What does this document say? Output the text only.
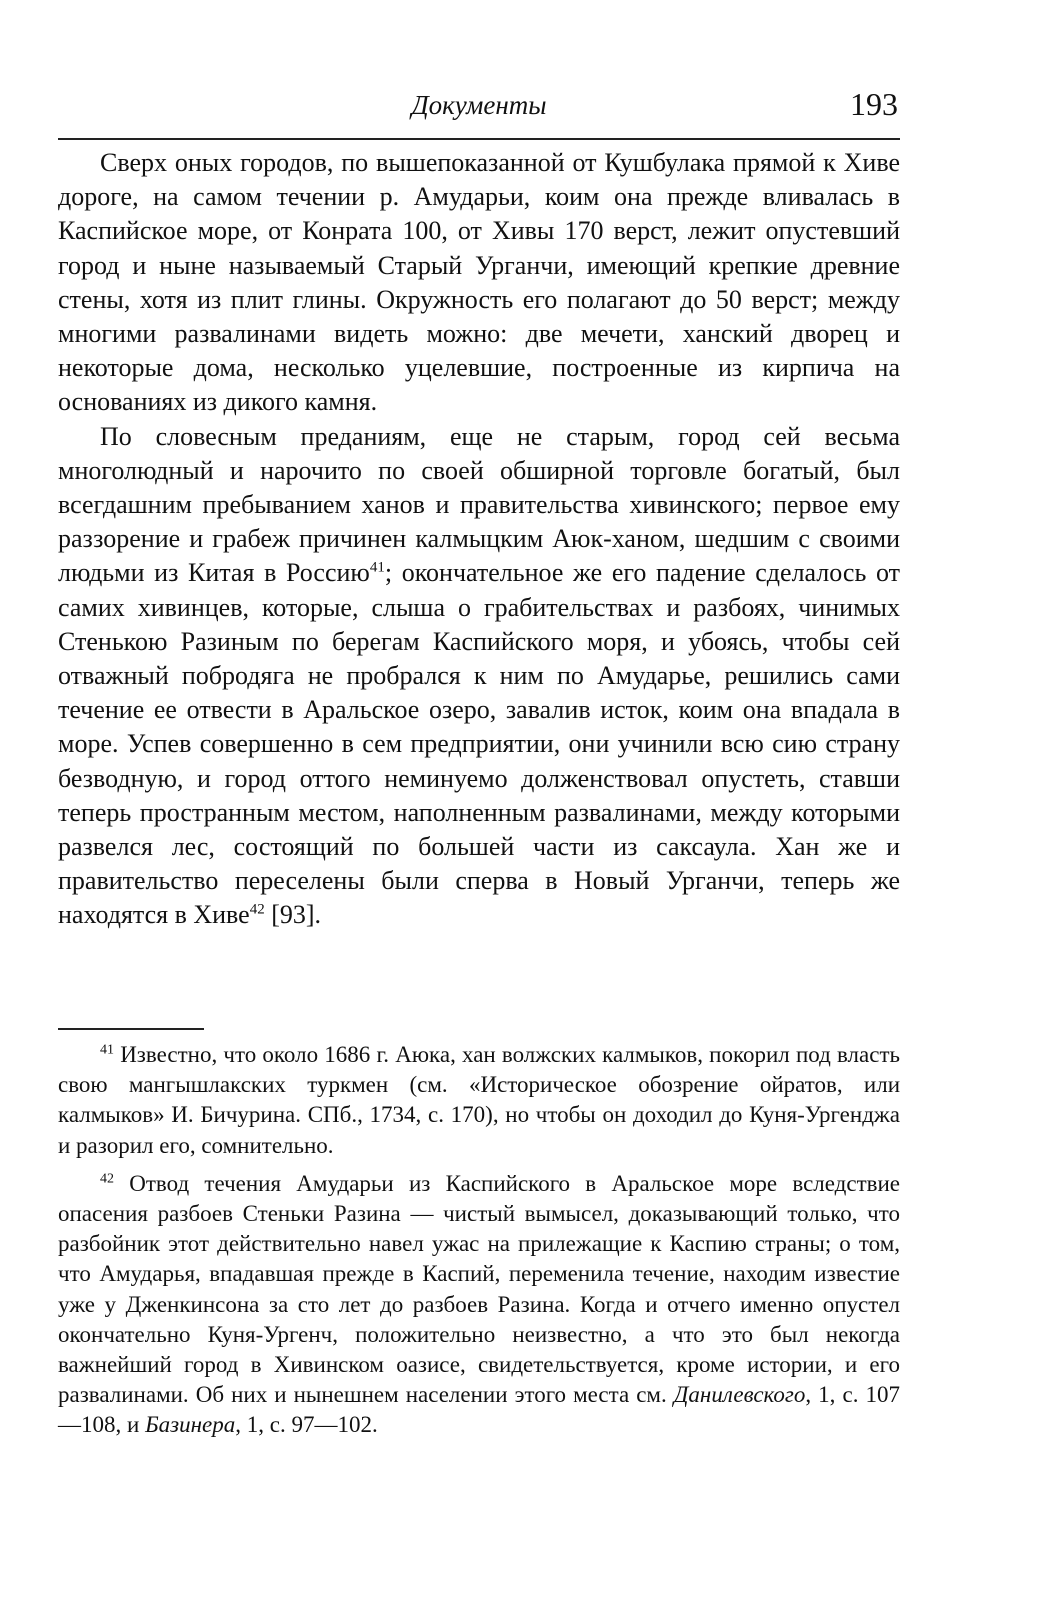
Документы	193

Сверх оных городов, по вышепоказанной от Кушбулака прямой к Хиве дороге, на самом течении р. Амударьи, коим она прежде вливалась в Каспийское море, от Конрата 100, от Хивы 170 верст, лежит опустевший город и ныне называемый Старый Урганчи, имеющий крепкие древние стены, хотя из плит глины. Окружность его полагают до 50 верст; между многими развалинами видеть можно: две мечети, ханский дворец и некоторые дома, несколько уцелевшие, построенные из кирпича на основаниях из дикого камня.

По словесным преданиям, еще не старым, город сей весьма многолюдный и нарочито по своей обширной торговле богатый, был всегдашним пребыванием ханов и правительства хивинского; первое ему раззорение и грабеж причинен калмыцким Аюк-ханом, шедшим с своими людьми из Китая в Россию$^{41}$; окончательное же его падение сделалось от самих хивинцев, которые, слыша о грабительствах и разбоях, чинимых Стенькою Разиным по берегам Каспийского моря, и убоясь, чтобы сей отважный побродяга не пробрался к ним по Амударье, решились сами течение ее отвести в Аральское озеро, завалив исток, коим она впадала в море. Успев совершенно в сем предприятии, они учинили всю сию страну безводную, и город оттого неминуемо долженствовал опустеть, ставши теперь пространным местом, наполненным развалинами, между которыми развелся лес, состоящий по большей части из саксаула. Хан же и правительство переселены были сперва в Новый Урганчи, теперь же находятся в Хиве$^{42}$ [93].

$^{41}$ Известно, что около 1686 г. Аюка, хан волжских калмыков, покорил под власть свою мангышлакских туркмен (см. «Историческое обозрение ойратов, или калмыков» И. Бичурина. СПб., 1734, с. 170), но чтобы он доходил до Куня-Ургенджа и разорил его, сомнительно.

$^{42}$ Отвод течения Амударьи из Каспийского в Аральское море вследствие опасения разбоев Стеньки Разина — чистый вымысел, доказывающий только, что разбойник этот действительно навел ужас на прилежащие к Каспию страны; о том, что Амударья, впадавшая прежде в Каспий, переменила течение, находим известие уже у Дженкинсона за сто лет до разбоев Разина. Когда и отчего именно опустел окончательно Куня-Ургенч, положительно неизвестно, а что это был некогда важнейший город в Хивинском оазисе, свидетельствуется, кроме истории, и его развалинами. Об них и нынешнем населении этого места см. Данилевского, 1, с. 107—108, и Базинера, 1, с. 97—102.
